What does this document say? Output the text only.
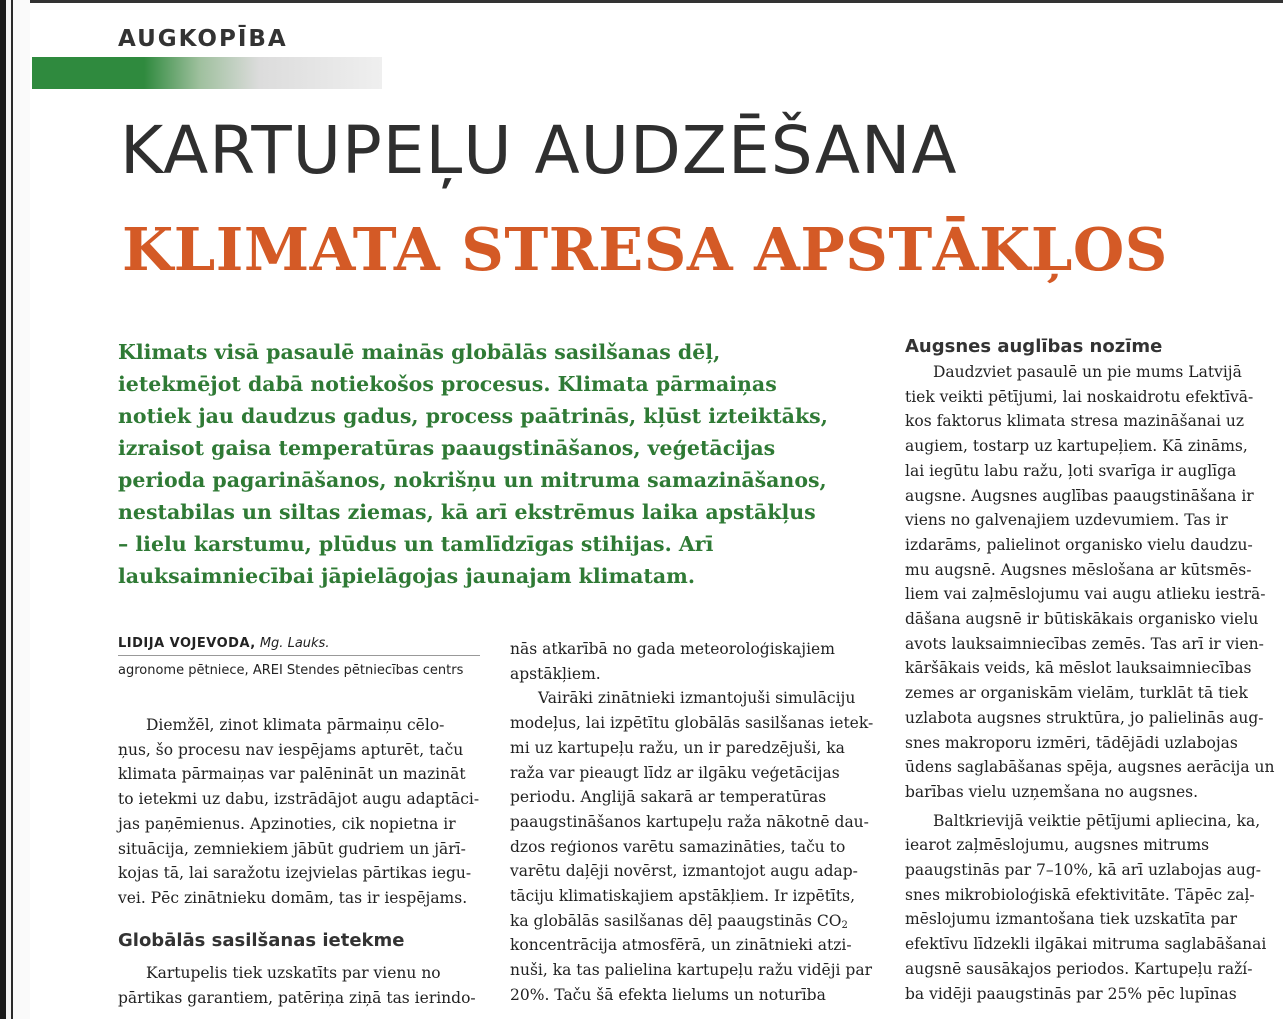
AUGKOPĪBA
KARTUPEĻU AUDZĒŠANA
KLIMATA STRESA APSTĀKĻOS

Klimats visā pasaulē mainās globālās sasilšanas dēļ,
ietekmējot dabā notiekošos procesus. Klimata pārmaiņas
notiek jau daudzus gadus, process paātrinās, kļūst izteiktāks,
izraisot gaisa temperatūras paaugstināšanos, veģetācijas
perioda pagarināšanos, nokrišņu un mitruma samazināšanos,
nestabilas un siltas ziemas, kā arī ekstrēmus laika apstākļus
– lielu karstumu, plūdus un tamlīdzīgas stihijas. Arī
lauksaimniecībai jāpielāgojas jaunajam klimatam.

LIDIJA VOJEVODA, Mg. Lauks.
agronome pētniece, AREI Stendes pētniecības centrs
Diemžēl, zinot klimata pārmaiņu cēlo-
ņus, šo procesu nav iespējams apturēt, taču
klimata pārmaiņas var palēnināt un mazināt
to ietekmi uz dabu, izstrādājot augu adaptāci-
jas paņēmienus. Apzinoties, cik nopietna ir
situācija, zemniekiem jābūt gudriem un jārī-
kojas tā, lai saražotu izejvielas pārtikas iegu-
vei. Pēc zinātnieku domām, tas ir iespējams.
Globālās sasilšanas ietekme
Kartupelis tiek uzskatīts par vienu no
pārtikas garantiem, patēriņa ziņā tas ierindo-
nās atkarībā no gada meteoroloģiskajiem
apstākļiem.
Vairāki zinātnieki izmantojuši simulāciju
modeļus, lai izpētītu globālās sasilšanas ietek-
mi uz kartupeļu ražu, un ir paredzējuši, ka
raža var pieaugt līdz ar ilgāku veģetācijas
periodu. Anglijā sakarā ar temperatūras
paaugstināšanos kartupeļu raža nākotnē dau-
dzos reģionos varētu samazināties, taču to
varētu daļēji novērst, izmantojot augu adap-
tāciju klimatiskajiem apstākļiem. Ir izpētīts,
ka globālās sasilšanas dēļ paaugstinās $CO_2$
koncentrācija atmosfērā, un zinātnieki atzi-
nuši, ka tas palielina kartupeļu ražu vidēji par
20%. Taču šā efekta lielums un noturība
Augsnes auglības nozīme
Daudzviet pasaulē un pie mums Latvijā
tiek veikti pētījumi, lai noskaidrotu efektīvā-
kos faktorus klimata stresa mazināšanai uz
augiem, tostarp uz kartupeļiem. Kā zināms,
lai iegūtu labu ražu, ļoti svarīga ir auglīga
augsne. Augsnes auglības paaugstināšana ir
viens no galvenajiem uzdevumiem. Tas ir
izdarāms, palielinot organisko vielu daudzu-
mu augsnē. Augsnes mēslošana ar kūtsmēs-
liem vai zaļmēslojumu vai augu atlieku iestrā-
dāšana augsnē ir būtiskākais organisko vielu
avots lauksaimniecības zemēs. Tas arī ir vien-
kāršākais veids, kā mēslot lauksaimniecības
zemes ar organiskām vielām, turklāt tā tiek
uzlabota augsnes struktūra, jo palielinās aug-
snes makroporu izmēri, tādējādi uzlabojas
ūdens saglabāšanas spēja, augsnes aerācija un
barības vielu uzņemšana no augsnes.
Baltkrievijā veiktie pētījumi apliecina, ka,
iearot zaļmēslojumu, augsnes mitrums
paaugstinās par 7–10%, kā arī uzlabojas aug-
snes mikrobioloģiskā efektivitāte. Tāpēc zaļ-
mēslojumu izmantošana tiek uzskatīta par
efektīvu līdzekli ilgākai mitruma saglabāšanai
augsnē sausākajos periodos. Kartupeļu raží-
ba vidēji paaugstinās par 25% pēc lupīnas
